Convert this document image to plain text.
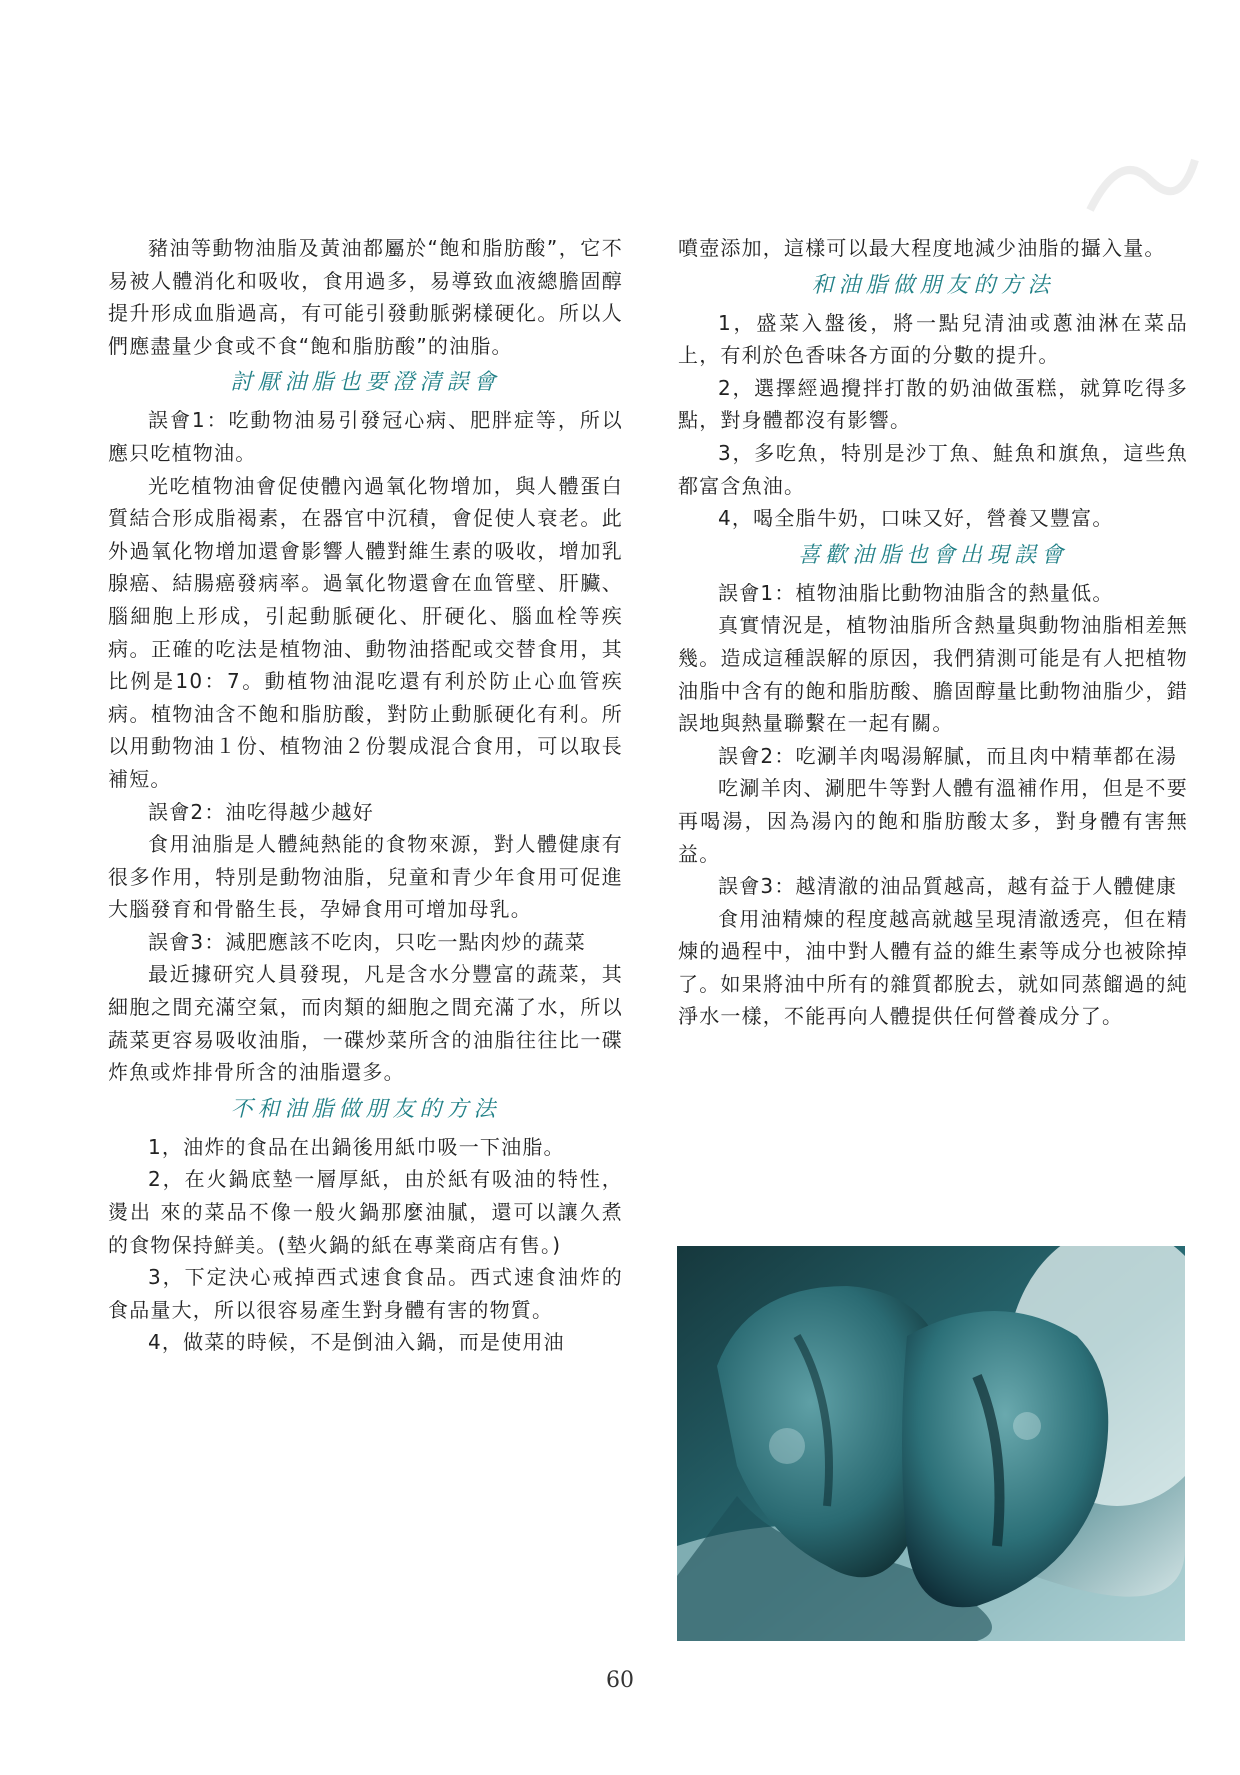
豬油等動物油脂及黃油都屬於“飽和脂肪酸”，它不易被人體消化和吸收，食用過多，易導致血液總膽固醇提升形成血脂過高，有可能引發動脈粥樣硬化。所以人們應盡量少食或不食“飽和脂肪酸”的油脂。

討厭油脂也要澄清誤會

誤會1：吃動物油易引發冠心病、肥胖症等，所以應只吃植物油。

光吃植物油會促使體內過氧化物增加，與人體蛋白質結合形成脂褐素，在器官中沉積，會促使人衰老。此外過氧化物增加還會影響人體對維生素的吸收，增加乳腺癌、結腸癌發病率。過氧化物還會在血管壁、肝臟、腦細胞上形成，引起動脈硬化、肝硬化、腦血栓等疾病。正確的吃法是植物油、動物油搭配或交替食用，其比例是10：7。動植物油混吃還有利於防止心血管疾病。植物油含不飽和脂肪酸，對防止動脈硬化有利。所以用動物油１份、植物油２份製成混合食用，可以取長補短。

誤會2：油吃得越少越好

食用油脂是人體純熱能的食物來源，對人體健康有很多作用，特別是動物油脂，兒童和青少年食用可促進大腦發育和骨骼生長，孕婦食用可增加母乳。

誤會3：減肥應該不吃肉，只吃一點肉炒的蔬菜

最近據研究人員發現，凡是含水分豐富的蔬菜，其細胞之間充滿空氣，而肉類的細胞之間充滿了水，所以蔬菜更容易吸收油脂，一碟炒菜所含的油脂往往比一碟炸魚或炸排骨所含的油脂還多。

不和油脂做朋友的方法

1，油炸的食品在出鍋後用紙巾吸一下油脂。

2，在火鍋底墊一層厚紙，由於紙有吸油的特性，燙出 來的菜品不像一般火鍋那麼油膩，還可以讓久煮的食物保持鮮美。(墊火鍋的紙在專業商店有售。)

3，下定決心戒掉西式速食食品。西式速食油炸的食品量大，所以很容易產生對身體有害的物質。

4，做菜的時候，不是倒油入鍋，而是使用油

噴壺添加，這樣可以最大程度地減少油脂的攝入量。

和油脂做朋友的方法

1，盛菜入盤後，將一點兒清油或蔥油淋在菜品上，有利於色香味各方面的分數的提升。

2，選擇經過攪拌打散的奶油做蛋糕，就算吃得多點，對身體都沒有影響。

3，多吃魚，特別是沙丁魚、鮭魚和旗魚，這些魚都富含魚油。

4，喝全脂牛奶，口味又好，營養又豐富。

喜歡油脂也會出現誤會

誤會1：植物油脂比動物油脂含的熱量低。

真實情況是，植物油脂所含熱量與動物油脂相差無幾。造成這種誤解的原因，我們猜測可能是有人把植物油脂中含有的飽和脂肪酸、膽固醇量比動物油脂少，錯誤地與熱量聯繫在一起有關。

誤會2：吃涮羊肉喝湯解膩，而且肉中精華都在湯

吃涮羊肉、涮肥牛等對人體有溫補作用，但是不要再喝湯，因為湯內的飽和脂肪酸太多，對身體有害無益。

誤會3：越清澈的油品質越高，越有益于人體健康

食用油精煉的程度越高就越呈現清澈透亮，但在精煉的過程中，油中對人體有益的維生素等成分也被除掉了。如果將油中所有的雜質都脫去，就如同蒸餾過的純淨水一樣，不能再向人體提供任何營養成分了。

60
